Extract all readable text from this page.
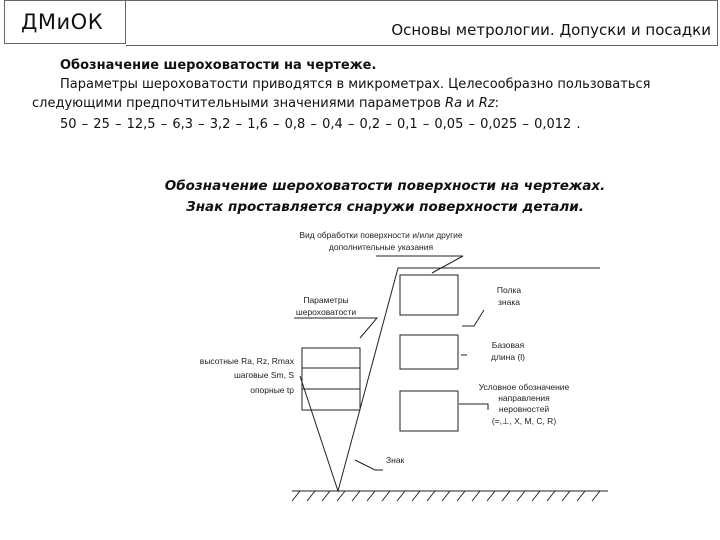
ДМиОК	Основы метрологии. Допуски и посадки
Обозначение шероховатости на чертеже.
Параметры шероховатости приводятся в микрометрах. Целесообразно пользоваться
следующими предпочтительными значениями параметров Ra и Rz:
50 – 25 – 12,5 – 6,3 – 3,2 – 1,6 – 0,8 – 0,4 – 0,2 – 0,1 – 0,05 – 0,025 – 0,012 .
Обозначение шероховатости поверхности на чертежах.
Знак проставляется снаружи поверхности детали.
Вид обработки поверхности и/или другие
дополнительные указания
Полка
знака
Параметры
шероховатости
Базовая
длина (l)
высотные Ra, Rz, Rmax
шаговые Sm, S
опорные tp	Условное обозначение
направления
неровностей
(=,⊥, X, M, C, R)
Знак
